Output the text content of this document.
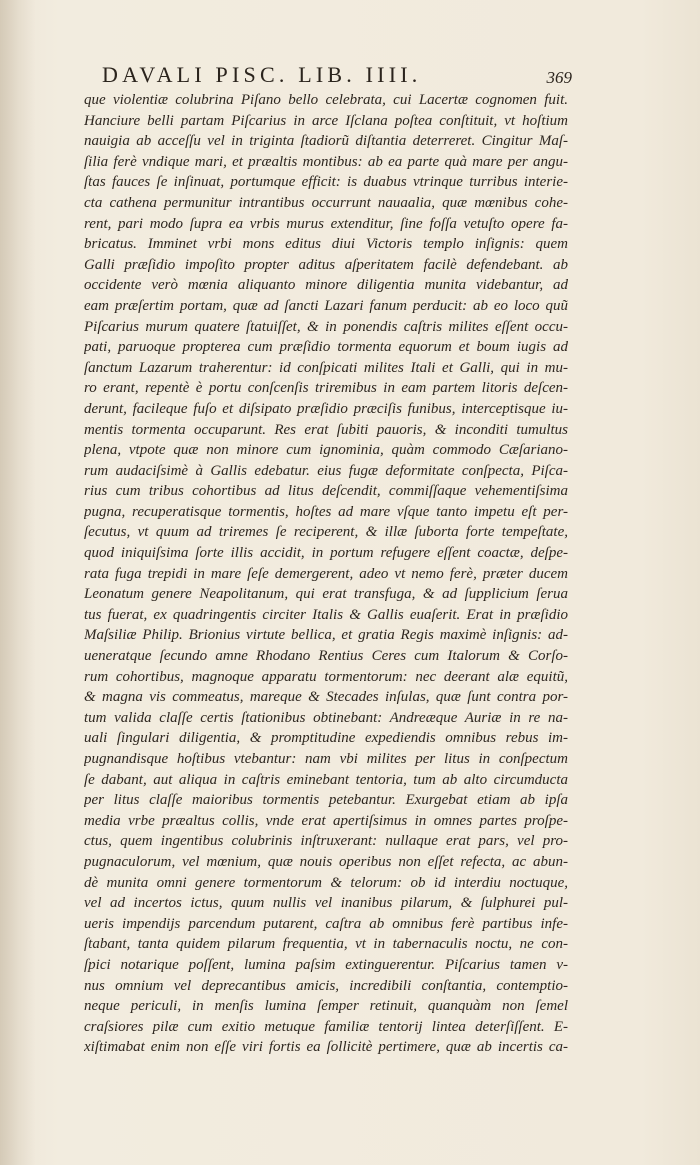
DAVALI PISC. LIB. IIII.	369
que violentiæ colubrina Piſano bello celebrata, cui Lacertæ cognomen fuit.
Hanciure belli partam Piſcarius in arce Iſclana poſtea conſtituit, vt hoſtium
nauigia ab acceſſu vel in triginta ſtadiorũ diſtantia deterreret. Cingitur Maſ-
ſilia ferè vndique mari, et præaltis montibus: ab ea parte quà mare per angu-
ſtas fauces ſe inſinuat, portumque efficit: is duabus vtrinque turribus interie-
cta cathena permunitur intrantibus occurrunt nauaalia, quæ mœnibus cohe-
rent, pari modo ſupra ea vrbis murus extenditur, ſine foſſa vetuſto opere fa-
bricatus. Imminet vrbi mons editus diui Victoris templo inſignis: quem
Galli præſidio impoſito propter aditus aſperitatem facilè defendebant. ab
occidente verò mœnia aliquanto minore diligentia munita videbantur, ad
eam præſertim portam, quæ ad ſancti Lazari fanum perducit: ab eo loco quũ
Piſcarius murum quatere ſtatuiſſet, & in ponendis caſtris milites eſſent occu-
pati, paruoque propterea cum præſidio tormenta equorum et boum iugis ad
ſanctum Lazarum traherentur: id conſpicati milites Itali et Galli, qui in mu-
ro erant, repentè è portu conſcenſis triremibus in eam partem litoris deſcen-
derunt, facileque fuſo et diſsipato præſidio præciſis funibus, interceptisque iu-
mentis tormenta occuparunt. Res erat ſubiti pauoris, & inconditi tumultus
plena, vtpote quæ non minore cum ignominia, quàm commodo Cæſariano-
rum audaciſsimè à Gallis edebatur. eius fugæ deformitate conſpecta, Piſca-
rius cum tribus cohortibus ad litus deſcendit, commiſſaque vehementiſsima
pugna, recuperatisque tormentis, hoſtes ad mare vſque tanto impetu eſt per-
ſecutus, vt quum ad triremes ſe reciperent, & illæ ſuborta forte tempeſtate,
quod iniquiſsima ſorte illis accidit, in portum refugere eſſent coactæ, deſpe-
rata fuga trepidi in mare ſeſe demergerent, adeo vt nemo ferè, præter ducem
Leonatum genere Neapolitanum, qui erat transfuga, & ad ſupplicium ſerua
tus fuerat, ex quadringentis circiter Italis & Gallis euaſerit. Erat in præſidio
Maſsiliæ Philip. Brionius virtute bellica, et gratia Regis maximè inſignis: ad-
ueneratque ſecundo amne Rhodano Rentius Ceres cum Italorum & Corſo-
rum cohortibus, magnoque apparatu tormentorum: nec deerant alæ equitũ,
& magna vis commeatus, mareque & Stecades inſulas, quæ ſunt contra por-
tum valida claſſe certis ſtationibus obtinebant: Andreæque Auriæ in re na-
uali ſingulari diligentia, & promptitudine expediendis omnibus rebus im-
pugnandisque hoſtibus vtebantur: nam vbi milites per litus in conſpectum
ſe dabant, aut aliqua in caſtris eminebant tentoria, tum ab alto circumducta
per litus claſſe maioribus tormentis petebantur. Exurgebat etiam ab ipſa
media vrbe præaltus collis, vnde erat apertiſsimus in omnes partes proſpe-
ctus, quem ingentibus colubrinis inſtruxerant: nullaque erat pars, vel pro-
pugnaculorum, vel mœnium, quæ nouis operibus non eſſet refecta, ac abun-
dè munita omni genere tormentorum & telorum: ob id interdiu noctuque,
vel ad incertos ictus, quum nullis vel inanibus pilarum, & ſulphurei pul-
ueris impendijs parcendum putarent, caſtra ab omnibus ferè partibus infe-
ſtabant, tanta quidem pilarum frequentia, vt in tabernaculis noctu, ne con-
ſpici notarique poſſent, lumina paſsim extinguerentur. Piſcarius tamen v-
nus omnium vel deprecantibus amicis, incredibili conſtantia, contemptio-
neque periculi, in menſis lumina ſemper retinuit, quanquàm non ſemel
craſsiores pilæ cum exitio metuque familiæ tentorij lintea deterſiſſent. E-
xiſtimabat enim non eſſe viri fortis ea ſollicitè pertimere, quæ ab incertis ca-
